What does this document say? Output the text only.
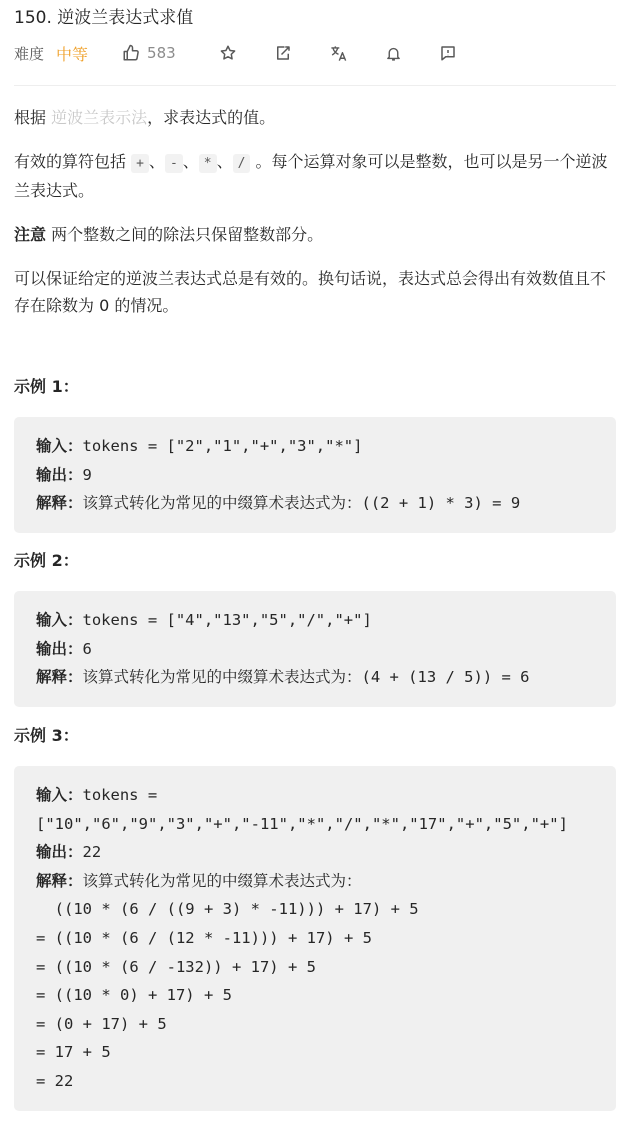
150. 逆波兰表达式求值
难度 中等	583

根据 逆波兰表示法，求表达式的值。

有效的算符包括 + 、 - 、 * 、 / 。每个运算对象可以是整数，也可以是另一个逆波兰表达式。

注意 两个整数之间的除法只保留整数部分。

可以保证给定的逆波兰表达式总是有效的。换句话说，表达式总会得出有效数值且不存在除数为 0 的情况。

示例 1：
输入：tokens = ["2","1","+","3","*"]
输出：9
解释：该算式转化为常见的中缀算术表达式为：((2 + 1) * 3) = 9
示例 2：
输入：tokens = ["4","13","5","/","+"]
输出：6
解释：该算式转化为常见的中缀算术表达式为：(4 + (13 / 5)) = 6
示例 3：
输入：tokens =
["10","6","9","3","+","-11","*","/","*","17","+","5","+"]
输出：22
解释：该算式转化为常见的中缀算术表达式为：
((10 * (6 / ((9 + 3) * -11))) + 17) + 5
= ((10 * (6 / (12 * -11))) + 17) + 5
= ((10 * (6 / -132)) + 17) + 5
= ((10 * 0) + 17) + 5
= (0 + 17) + 5
= 17 + 5
= 22
